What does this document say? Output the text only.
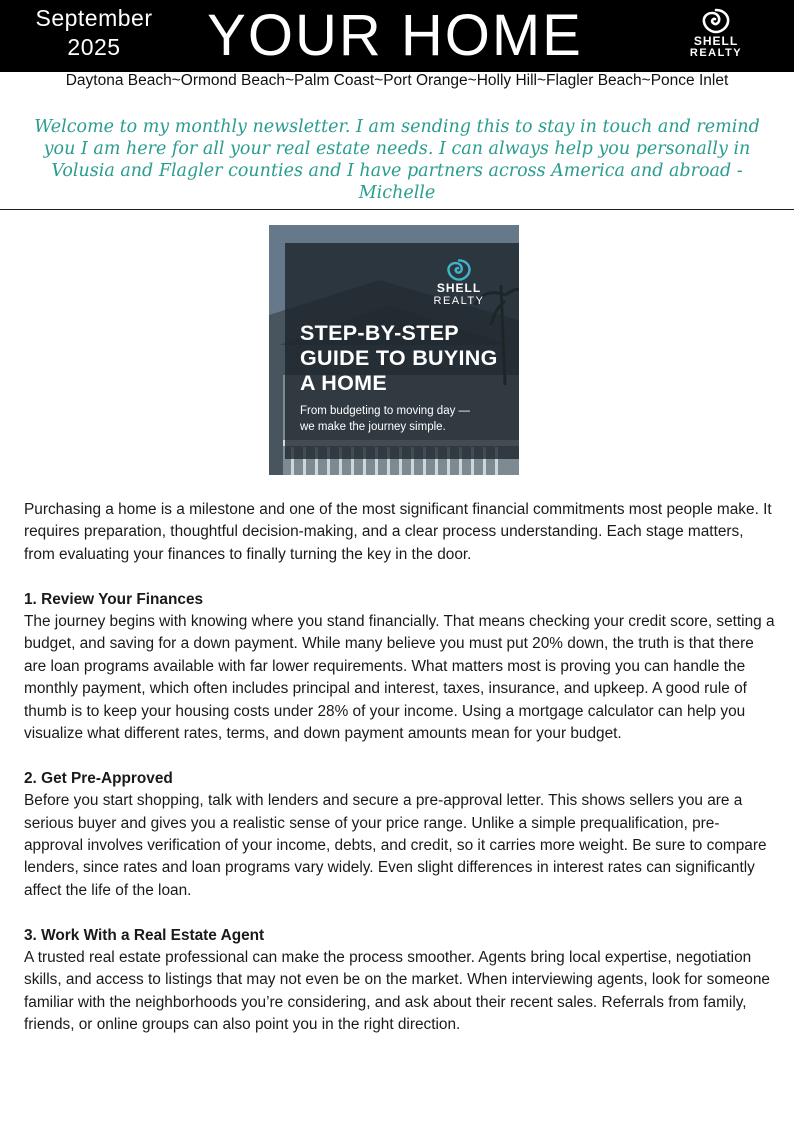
September
2025	YOUR HOME	SHELL
REALTY
Daytona Beach~Ormond Beach~Palm Coast~Port Orange~Holly Hill~Flagler Beach~Ponce Inlet
Welcome to my monthly newsletter. I am sending this to stay in touch and remind you I am here for all your real estate needs. I can always help you personally in Volusia and Flagler counties and I have partners across America and abroad - Michelle
SHELL
REALTY
STEP-BY-STEP
GUIDE TO BUYING
A HOME
From budgeting to moving day —
we make the journey simple.

Purchasing a home is a milestone and one of the most significant financial commitments most people make. It requires preparation, thoughtful decision-making, and a clear process understanding. Each stage matters, from evaluating your finances to finally turning the key in the door.

1. Review Your Finances

The journey begins with knowing where you stand financially. That means checking your credit score, setting a budget, and saving for a down payment. While many believe you must put 20% down, the truth is that there are loan programs available with far lower requirements. What matters most is proving you can handle the monthly payment, which often includes principal and interest, taxes, insurance, and upkeep. A good rule of thumb is to keep your housing costs under 28% of your income. Using a mortgage calculator can help you visualize what different rates, terms, and down payment amounts mean for your budget.

2. Get Pre-Approved

Before you start shopping, talk with lenders and secure a pre-approval letter. This shows sellers you are a serious buyer and gives you a realistic sense of your price range. Unlike a simple prequalification, pre-approval involves verification of your income, debts, and credit, so it carries more weight. Be sure to compare lenders, since rates and loan programs vary widely. Even slight differences in interest rates can significantly affect the life of the loan.

3. Work With a Real Estate Agent

A trusted real estate professional can make the process smoother. Agents bring local expertise, negotiation skills, and access to listings that may not even be on the market. When interviewing agents, look for someone familiar with the neighborhoods you’re considering, and ask about their recent sales. Referrals from family, friends, or online groups can also point you in the right direction.
